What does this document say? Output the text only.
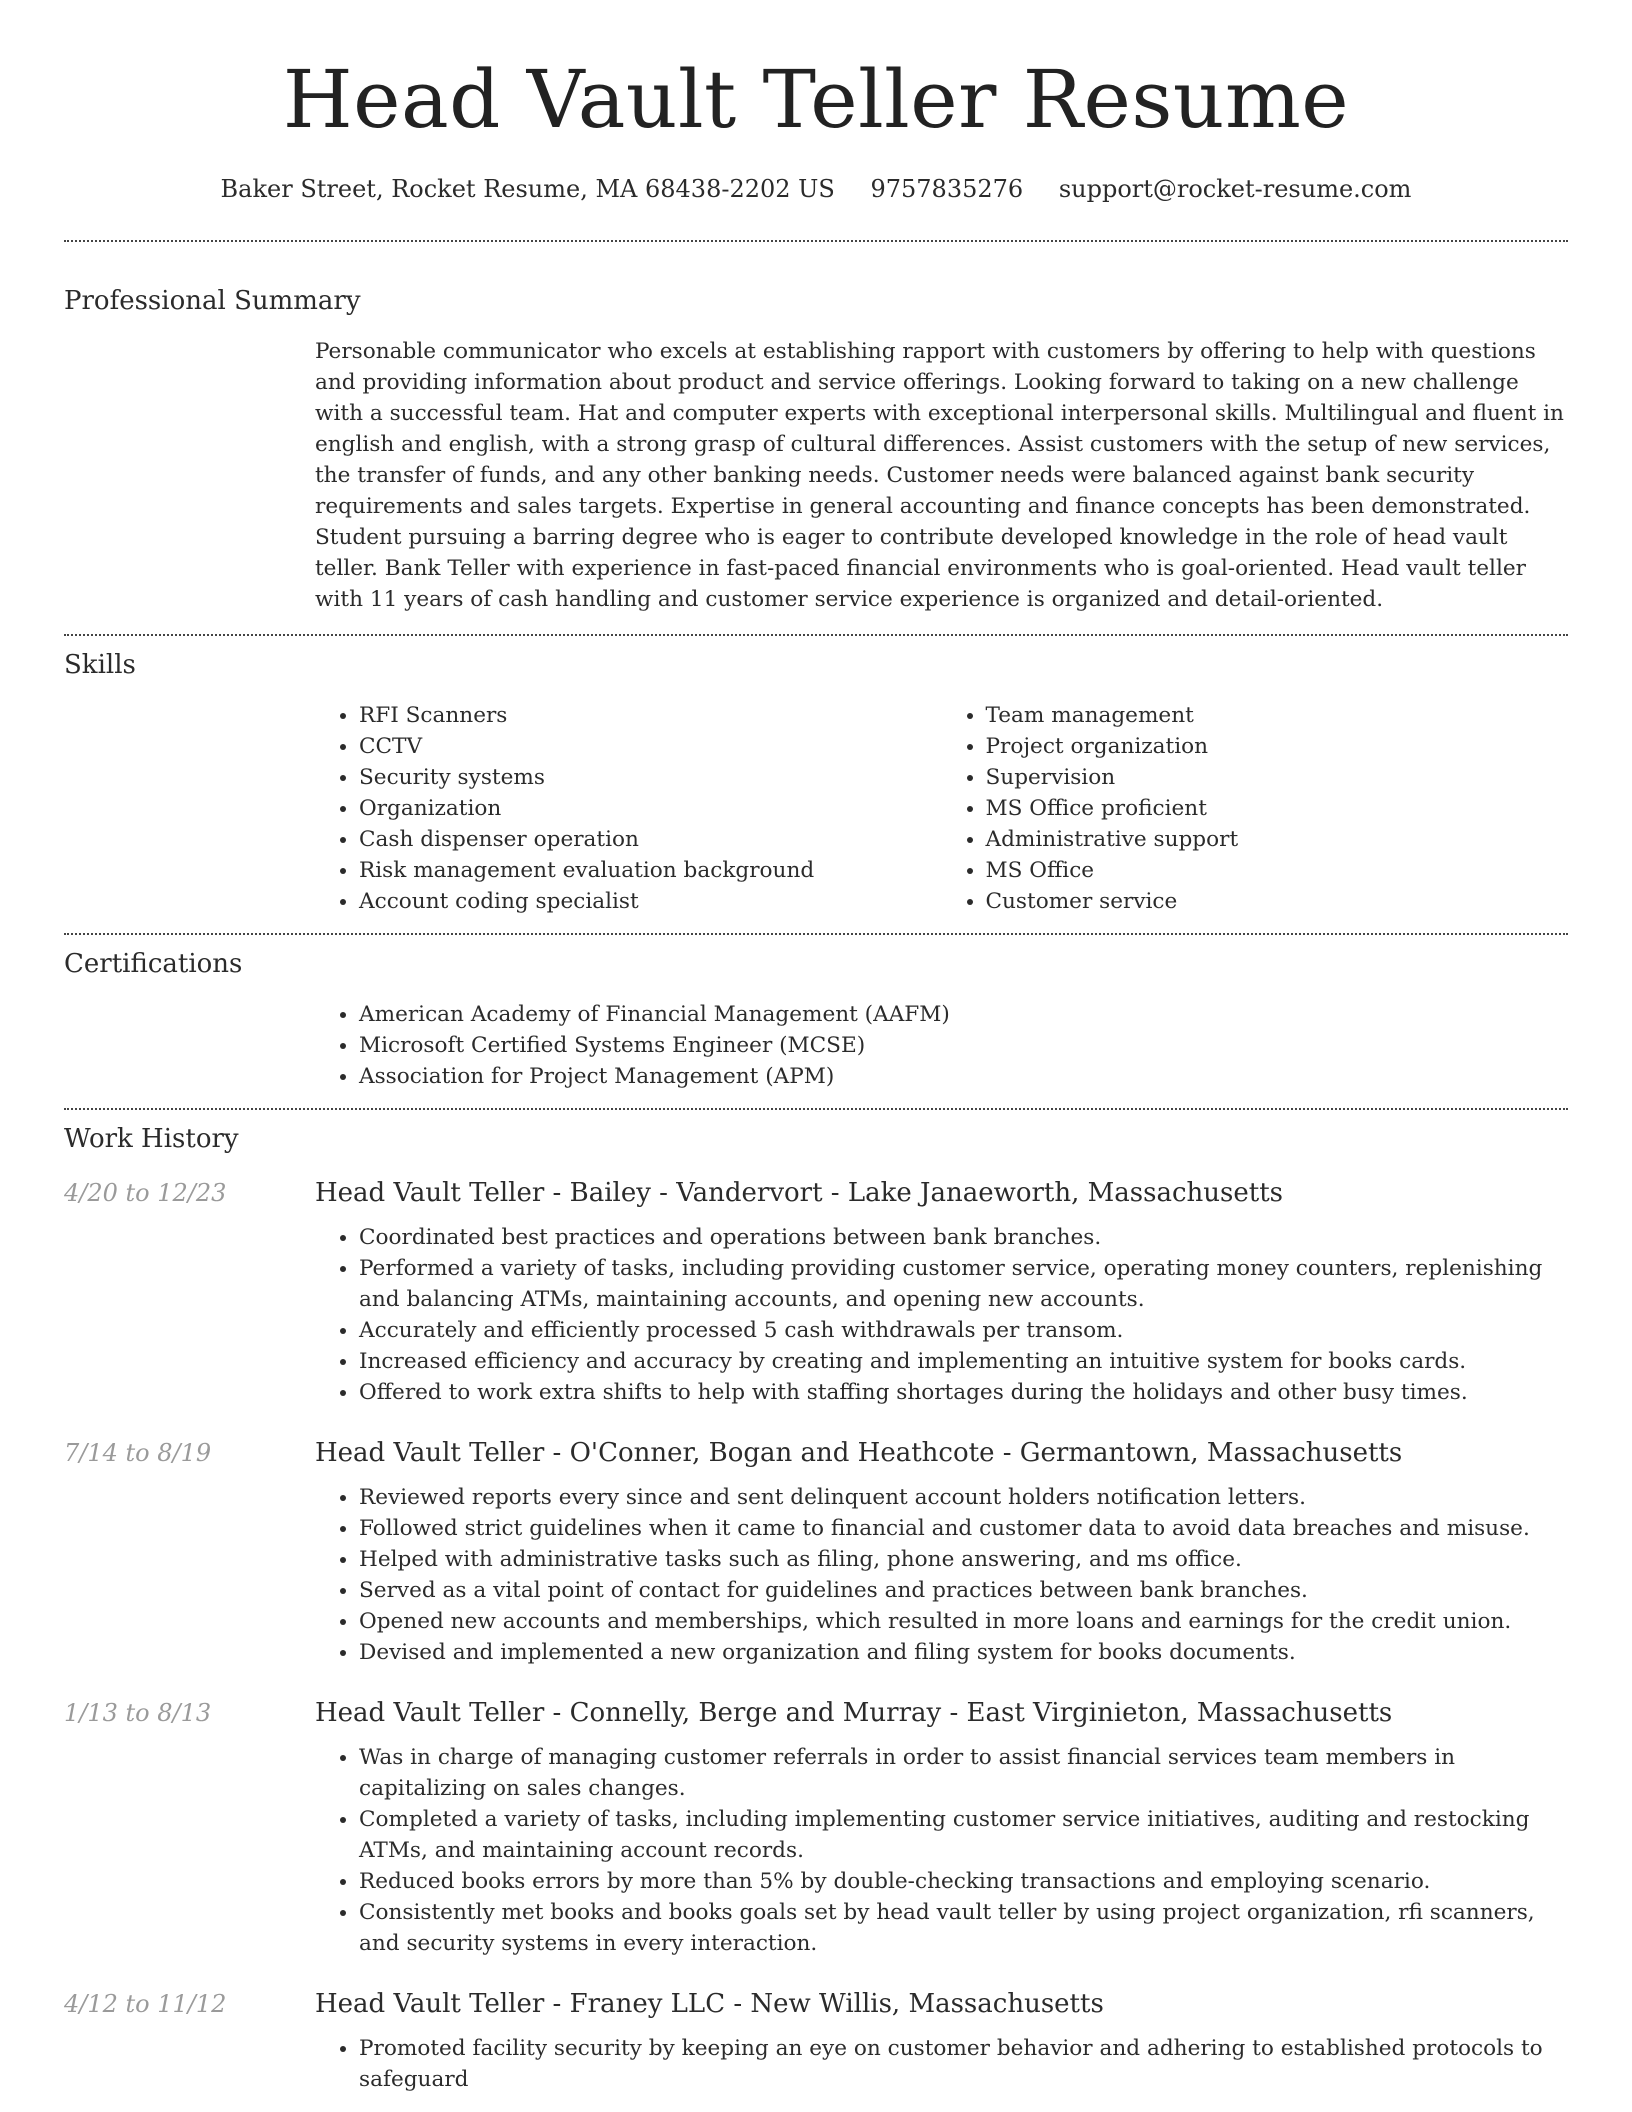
Head Vault Teller Resume
Baker Street, Rocket Resume, MA 68438-2202 US 9757835276 support@rocket-resume.com
Professional Summary

Personable communicator who excels at establishing rapport with customers by offering to help with questions and providing information about product and service offerings. Looking forward to taking on a new challenge with a successful team. Hat and computer experts with exceptional interpersonal skills. Multilingual and fluent in english and english, with a strong grasp of cultural differences. Assist customers with the setup of new services, the transfer of funds, and any other banking needs. Customer needs were balanced against bank security requirements and sales targets. Expertise in general accounting and finance concepts has been demonstrated. Student pursuing a barring degree who is eager to contribute developed knowledge in the role of head vault teller. Bank Teller with experience in fast-paced financial environments who is goal-oriented. Head vault teller with 11 years of cash handling and customer service experience is organized and detail-oriented.

Skills
• RFI Scanners
• CCTV
• Security systems
• Organization
• Cash dispenser operation
• Risk management evaluation background
• Account coding specialist
• Team management
• Project organization
• Supervision
• MS Office proficient
• Administrative support
• MS Office
• Customer service
Certifications
• American Academy of Financial Management (AAFM)
• Microsoft Certified Systems Engineer (MCSE)
• Association for Project Management (APM)
Work History
4/20 to 12/23	Head Vault Teller - Bailey - Vandervort - Lake Janaeworth, Massachusetts
• Coordinated best practices and operations between bank branches.
• Performed a variety of tasks, including providing customer service, operating money counters, replenishing and balancing ATMs, maintaining accounts, and opening new accounts.
• Accurately and efficiently processed 5 cash withdrawals per transom.
• Increased efficiency and accuracy by creating and implementing an intuitive system for books cards.
• Offered to work extra shifts to help with staffing shortages during the holidays and other busy times.
7/14 to 8/19	Head Vault Teller - O'Conner, Bogan and Heathcote - Germantown, Massachusetts
• Reviewed reports every since and sent delinquent account holders notification letters.
• Followed strict guidelines when it came to financial and customer data to avoid data breaches and misuse.
• Helped with administrative tasks such as filing, phone answering, and ms office.
• Served as a vital point of contact for guidelines and practices between bank branches.
• Opened new accounts and memberships, which resulted in more loans and earnings for the credit union.
• Devised and implemented a new organization and filing system for books documents.
1/13 to 8/13	Head Vault Teller - Connelly, Berge and Murray - East Virginieton, Massachusetts
• Was in charge of managing customer referrals in order to assist financial services team members in capitalizing on sales changes.
• Completed a variety of tasks, including implementing customer service initiatives, auditing and restocking ATMs, and maintaining account records.
• Reduced books errors by more than 5% by double-checking transactions and employing scenario.
• Consistently met books and books goals set by head vault teller by using project organization, rfi scanners, and security systems in every interaction.
4/12 to 11/12	Head Vault Teller - Franey LLC - New Willis, Massachusetts
• Promoted facility security by keeping an eye on customer behavior and adhering to established protocols to safeguard
